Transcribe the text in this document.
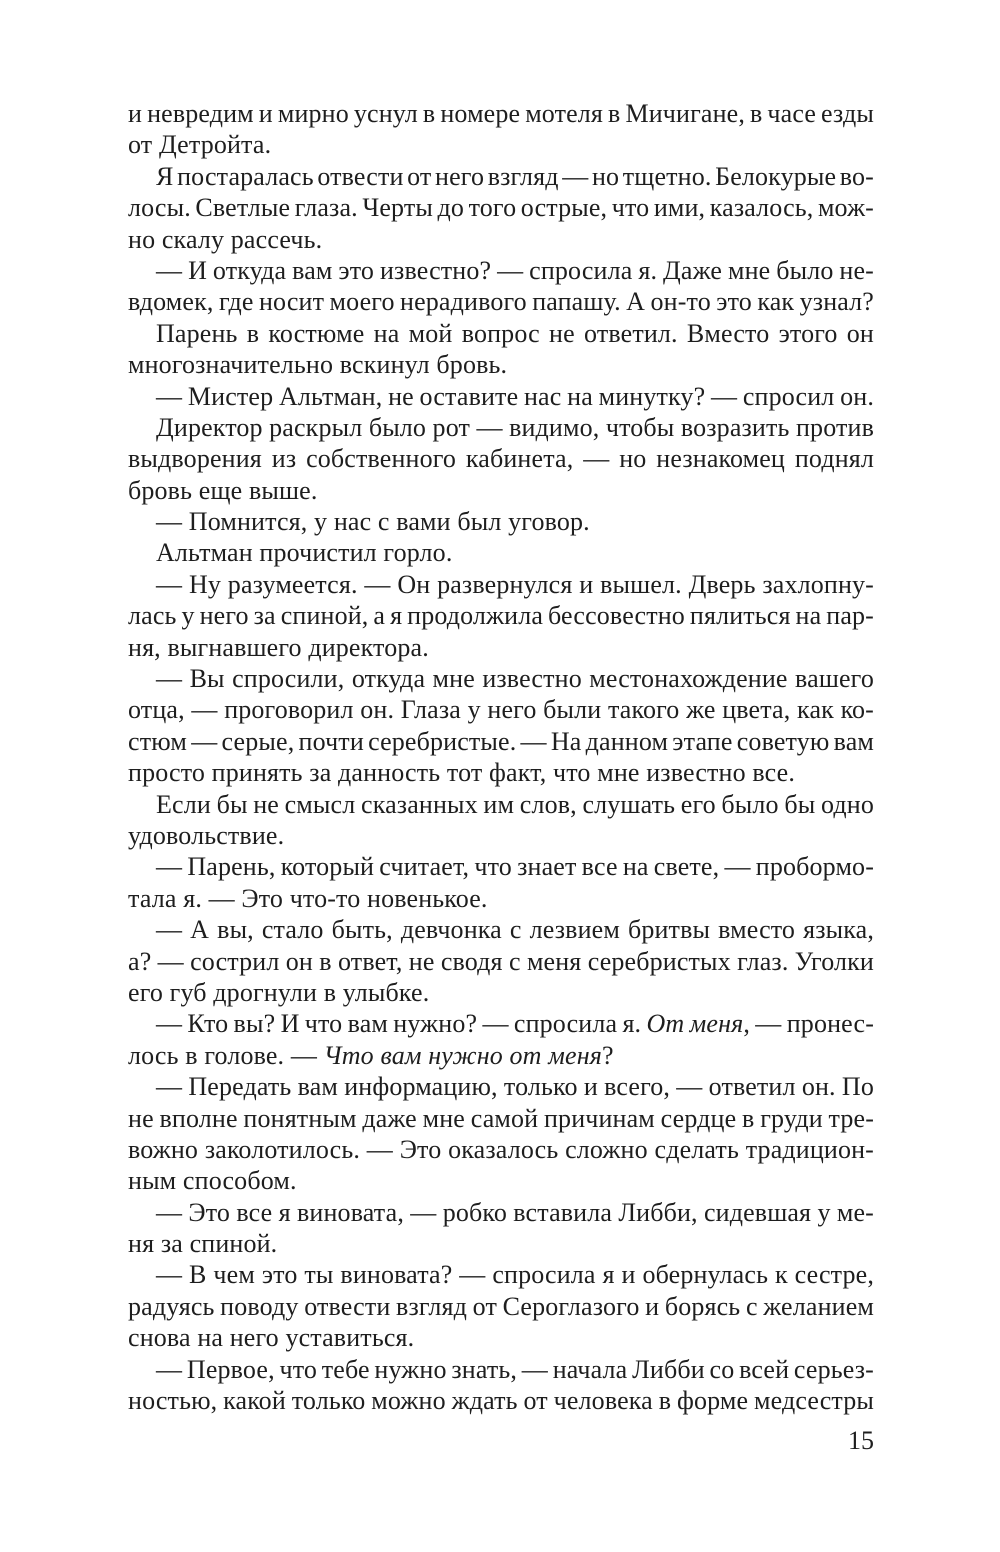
и невредим и мирно уснул в номере мотеля в Мичигане, в часе езды
от Детройта.
Я постаралась отвести от него взгляд — но тщетно. Белокурые во-
лосы. Светлые глаза. Черты до того острые, что ими, казалось, мож-
но скалу рассечь.
— И откуда вам это известно? — спросила я. Даже мне было не-
вдомек, где носит моего нерадивого папашу. А он-то это как узнал?
Парень в костюме на мой вопрос не ответил. Вместо этого он
многозначительно вскинул бровь.
— Мистер Альтман, не оставите нас на минутку? — спросил он.
Директор раскрыл было рот — видимо, чтобы возразить против
выдворения из собственного кабинета, — но незнакомец поднял
бровь еще выше.
— Помнится, у нас с вами был уговор.
Альтман прочистил горло.
— Ну разумеется. — Он развернулся и вышел. Дверь захлопну-
лась у него за спиной, а я продолжила бессовестно пялиться на пар-
ня, выгнавшего директора.
— Вы спросили, откуда мне известно местонахождение вашего
отца, — проговорил он. Глаза у него были такого же цвета, как ко-
стюм — серые, почти серебристые. — На данном этапе советую вам
просто принять за данность тот факт, что мне известно все.
Если бы не смысл сказанных им слов, слушать его было бы одно
удовольствие.
— Парень, который считает, что знает все на свете, — пробормо-
тала я. — Это что-то новенькое.
— А вы, стало быть, девчонка с лезвием бритвы вместо языка,
а? — сострил он в ответ, не сводя с меня серебристых глаз. Уголки
его губ дрогнули в улыбке.
— Кто вы? И что вам нужно? — спросила я. От меня, — пронес-
лось в голове. — Что вам нужно от меня?
— Передать вам информацию, только и всего, — ответил он. По
не вполне понятным даже мне самой причинам сердце в груди тре-
вожно заколотилось. — Это оказалось сложно сделать традицион-
ным способом.
— Это все я виновата, — робко вставила Либби, сидевшая у ме-
ня за спиной.
— В чем это ты виновата? — спросила я и обернулась к сестре,
радуясь поводу отвести взгляд от Сероглазого и борясь с желанием
снова на него уставиться.
— Первое, что тебе нужно знать, — начала Либби со всей серьез-
ностью, какой только можно ждать от человека в форме медсестры
15
